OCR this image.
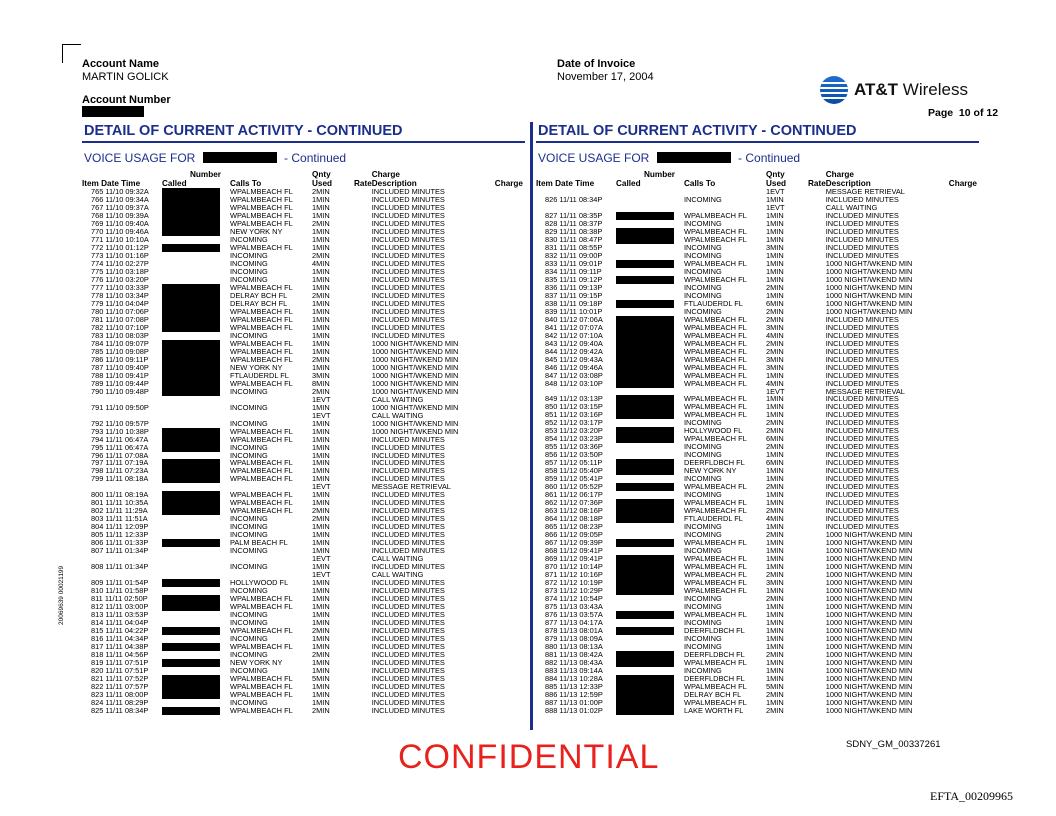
Account Name
MARTIN GOLICK
Account Number
Date of Invoice
November 17, 2004
AT&T Wireless
Page  10 of 12
DETAIL OF CURRENT ACTIVITY - CONTINUED
VOICE USAGE FOR	- Continued
DETAIL OF CURRENT ACTIVITY - CONTINUED
VOICE USAGE FOR	- Continued
	Number		Qnty		Charge	
Item Date Time	Called	Calls To	Used	Rate	Description	Charge
765 11/10 09:32A		WPALMBEACH FL	2MIN		INCLUDED MINUTES	
766 11/10 09:34A		WPALMBEACH FL	1MIN		INCLUDED MINUTES	
767 11/10 09:37A		WPALMBEACH FL	1MIN		INCLUDED MINUTES	
768 11/10 09:39A		WPALMBEACH FL	1MIN		INCLUDED MINUTES	
769 11/10 09:40A		WPALMBEACH FL	2MIN		INCLUDED MINUTES	
770 11/10 09:46A		NEW YORK NY	1MIN		INCLUDED MINUTES	
771 11/10 10:10A		INCOMING	1MIN		INCLUDED MINUTES	
772 11/10 01:12P		WPALMBEACH FL	1MIN		INCLUDED MINUTES	
773 11/10 01:16P		INCOMING	2MIN		INCLUDED MINUTES	
774 11/10 02:27P		INCOMING	4MIN		INCLUDED MINUTES	
775 11/10 03:18P		INCOMING	1MIN		INCLUDED MINUTES	
776 11/10 03:20P		INCOMING	1MIN		INCLUDED MINUTES	
777 11/10 03:33P		WPALMBEACH FL	1MIN		INCLUDED MINUTES	
778 11/10 03:34P		DELRAY BCH FL	2MIN		INCLUDED MINUTES	
779 11/10 04:04P		DELRAY BCH FL	1MIN		INCLUDED MINUTES	
780 11/10 07:06P		WPALMBEACH FL	1MIN		INCLUDED MINUTES	
781 11/10 07:08P		WPALMBEACH FL	1MIN		INCLUDED MINUTES	
782 11/10 07:10P		WPALMBEACH FL	1MIN		INCLUDED MINUTES	
783 11/10 08:03P		INCOMING	1MIN		INCLUDED MINUTES	
784 11/10 09:07P		WPALMBEACH FL	1MIN		1000 NIGHT/WKEND MIN	
785 11/10 09:08P		WPALMBEACH FL	1MIN		1000 NIGHT/WKEND MIN	
786 11/10 09:11P		WPALMBEACH FL	2MIN		1000 NIGHT/WKEND MIN	
787 11/10 09:40P		NEW YORK NY	1MIN		1000 NIGHT/WKEND MIN	
788 11/10 09:41P		FTLAUDERDL FL	3MIN		1000 NIGHT/WKEND MIN	
789 11/10 09:44P		WPALMBEACH FL	8MIN		1000 NIGHT/WKEND MIN	
790 11/10 09:48P		INCOMING	2MIN		1000 NIGHT/WKEND MIN	
			1EVT		CALL WAITING	
791 11/10 09:50P		INCOMING	1MIN		1000 NIGHT/WKEND MIN	
			1EVT		CALL WAITING	
792 11/10 09:57P		INCOMING	1MIN		1000 NIGHT/WKEND MIN	
793 11/10 10:38P		WPALMBEACH FL	1MIN		1000 NIGHT/WKEND MIN	
794 11/11 06:47A		WPALMBEACH FL	1MIN		INCLUDED MINUTES	
795 11/11 06:47A		INCOMING	1MIN		INCLUDED MINUTES	
796 11/11 07:08A		INCOMING	1MIN		INCLUDED MINUTES	
797 11/11 07:19A		WPALMBEACH FL	1MIN		INCLUDED MINUTES	
798 11/11 07:23A		WPALMBEACH FL	1MIN		INCLUDED MINUTES	
799 11/11 08:18A		WPALMBEACH FL	1MIN		INCLUDED MINUTES	
			1EVT		MESSAGE RETRIEVAL	
800 11/11 08:19A		WPALMBEACH FL	1MIN		INCLUDED MINUTES	
801 11/11 10:35A		WPALMBEACH FL	1MIN		INCLUDED MINUTES	
802 11/11 11:29A		WPALMBEACH FL	2MIN		INCLUDED MINUTES	
803 11/11 11:51A		INCOMING	2MIN		INCLUDED MINUTES	
804 11/11 12:09P		INCOMING	1MIN		INCLUDED MINUTES	
805 11/11 12:33P		INCOMING	1MIN		INCLUDED MINUTES	
806 11/11 01:33P		PALM BEACH FL	1MIN		INCLUDED MINUTES	
807 11/11 01:34P		INCOMING	1MIN		INCLUDED MINUTES	
			1EVT		CALL WAITING	
808 11/11 01:34P		INCOMING	1MIN		INCLUDED MINUTES	
			1EVT		CALL WAITING	
809 11/11 01:54P		HOLLYWOOD FL	1MIN		INCLUDED MINUTES	
810 11/11 01:58P		INCOMING	1MIN		INCLUDED MINUTES	
811 11/11 02:50P		WPALMBEACH FL	1MIN		INCLUDED MINUTES	
812 11/11 03:00P		WPALMBEACH FL	1MIN		INCLUDED MINUTES	
813 11/11 03:53P		INCOMING	1MIN		INCLUDED MINUTES	
814 11/11 04:04P		INCOMING	1MIN		INCLUDED MINUTES	
815 11/11 04:22P		WPALMBEACH FL	2MIN		INCLUDED MINUTES	
816 11/11 04:34P		INCOMING	1MIN		INCLUDED MINUTES	
817 11/11 04:38P		WPALMBEACH FL	1MIN		INCLUDED MINUTES	
818 11/11 04:56P		INCOMING	2MIN		INCLUDED MINUTES	
819 11/11 07:51P		NEW YORK NY	1MIN		INCLUDED MINUTES	
820 11/11 07:51P		INCOMING	1MIN		INCLUDED MINUTES	
821 11/11 07:52P		WPALMBEACH FL	5MIN		INCLUDED MINUTES	
822 11/11 07:57P		WPALMBEACH FL	1MIN		INCLUDED MINUTES	
823 11/11 08:00P		WPALMBEACH FL	1MIN		INCLUDED MINUTES	
824 11/11 08:29P		INCOMING	1MIN		INCLUDED MINUTES	
825 11/11 08:34P		WPALMBEACH FL	2MIN		INCLUDED MINUTES	
	Number		Qnty		Charge	
Item Date Time	Called	Calls To	Used	Rate	Description	Charge
			1EVT		MESSAGE RETRIEVAL	
826 11/11 08:34P		INCOMING	1MIN		INCLUDED MINUTES	
			1EVT		CALL WAITING	
827 11/11 08:35P		WPALMBEACH FL	1MIN		INCLUDED MINUTES	
828 11/11 08:37P		INCOMING	1MIN		INCLUDED MINUTES	
829 11/11 08:38P		WPALMBEACH FL	1MIN		INCLUDED MINUTES	
830 11/11 08:47P		WPALMBEACH FL	1MIN		INCLUDED MINUTES	
831 11/11 08:55P		INCOMING	3MIN		INCLUDED MINUTES	
832 11/11 09:00P		INCOMING	1MIN		INCLUDED MINUTES	
833 11/11 09:01P		WPALMBEACH FL	1MIN		1000 NIGHT/WKEND MIN	
834 11/11 09:11P		INCOMING	1MIN		1000 NIGHT/WKEND MIN	
835 11/11 09:12P		WPALMBEACH FL	1MIN		1000 NIGHT/WKEND MIN	
836 11/11 09:13P		INCOMING	2MIN		1000 NIGHT/WKEND MIN	
837 11/11 09:15P		INCOMING	1MIN		1000 NIGHT/WKEND MIN	
838 11/11 09:18P		FTLAUDERDL FL	6MIN		1000 NIGHT/WKEND MIN	
839 11/11 10:01P		INCOMING	2MIN		1000 NIGHT/WKEND MIN	
840 11/12 07:06A		WPALMBEACH FL	2MIN		INCLUDED MINUTES	
841 11/12 07:07A		WPALMBEACH FL	3MIN		INCLUDED MINUTES	
842 11/12 07:10A		WPALMBEACH FL	4MIN		INCLUDED MINUTES	
843 11/12 09:40A		WPALMBEACH FL	2MIN		INCLUDED MINUTES	
844 11/12 09:42A		WPALMBEACH FL	2MIN		INCLUDED MINUTES	
845 11/12 09:43A		WPALMBEACH FL	3MIN		INCLUDED MINUTES	
846 11/12 09:46A		WPALMBEACH FL	3MIN		INCLUDED MINUTES	
847 11/12 03:08P		WPALMBEACH FL	1MIN		INCLUDED MINUTES	
848 11/12 03:10P		WPALMBEACH FL	4MIN		INCLUDED MINUTES	
			1EVT		MESSAGE RETRIEVAL	
849 11/12 03:13P		WPALMBEACH FL	1MIN		INCLUDED MINUTES	
850 11/12 03:15P		WPALMBEACH FL	1MIN		INCLUDED MINUTES	
851 11/12 03:16P		WPALMBEACH FL	1MIN		INCLUDED MINUTES	
852 11/12 03:17P		INCOMING	2MIN		INCLUDED MINUTES	
853 11/12 03:20P		HOLLYWOOD FL	2MIN		INCLUDED MINUTES	
854 11/12 03:23P		WPALMBEACH FL	6MIN		INCLUDED MINUTES	
855 11/12 03:36P		INCOMING	2MIN		INCLUDED MINUTES	
856 11/12 03:50P		INCOMING	1MIN		INCLUDED MINUTES	
857 11/12 05:11P		DEERFLDBCH FL	6MIN		INCLUDED MINUTES	
858 11/12 05:40P		NEW YORK NY	1MIN		INCLUDED MINUTES	
859 11/12 05:41P		INCOMING	1MIN		INCLUDED MINUTES	
860 11/12 05:52P		WPALMBEACH FL	2MIN		INCLUDED MINUTES	
861 11/12 06:17P		INCOMING	1MIN		INCLUDED MINUTES	
862 11/12 07:36P		WPALMBEACH FL	1MIN		INCLUDED MINUTES	
863 11/12 08:16P		WPALMBEACH FL	2MIN		INCLUDED MINUTES	
864 11/12 08:18P		FTLAUDERDL FL	4MIN		INCLUDED MINUTES	
865 11/12 08:23P		INCOMING	1MIN		INCLUDED MINUTES	
866 11/12 09:05P		INCOMING	2MIN		1000 NIGHT/WKEND MIN	
867 11/12 09:39P		WPALMBEACH FL	1MIN		1000 NIGHT/WKEND MIN	
868 11/12 09:41P		INCOMING	1MIN		1000 NIGHT/WKEND MIN	
869 11/12 09:41P		WPALMBEACH FL	1MIN		1000 NIGHT/WKEND MIN	
870 11/12 10:14P		WPALMBEACH FL	1MIN		1000 NIGHT/WKEND MIN	
871 11/12 10:16P		WPALMBEACH FL	2MIN		1000 NIGHT/WKEND MIN	
872 11/12 10:19P		WPALMBEACH FL	3MIN		1000 NIGHT/WKEND MIN	
873 11/12 10:29P		WPALMBEACH FL	1MIN		1000 NIGHT/WKEND MIN	
874 11/12 10:54P		INCOMING	2MIN		1000 NIGHT/WKEND MIN	
875 11/13 03:43A		INCOMING	1MIN		1000 NIGHT/WKEND MIN	
876 11/13 03:57A		WPALMBEACH FL	1MIN		1000 NIGHT/WKEND MIN	
877 11/13 04:17A		INCOMING	1MIN		1000 NIGHT/WKEND MIN	
878 11/13 08:01A		DEERFLDBCH FL	1MIN		1000 NIGHT/WKEND MIN	
879 11/13 08:09A		INCOMING	1MIN		1000 NIGHT/WKEND MIN	
880 11/13 08:13A		INCOMING	1MIN		1000 NIGHT/WKEND MIN	
881 11/13 08:42A		DEERFLDBCH FL	2MIN		1000 NIGHT/WKEND MIN	
882 11/13 08:43A		WPALMBEACH FL	1MIN		1000 NIGHT/WKEND MIN	
883 11/13 09:14A		INCOMING	1MIN		1000 NIGHT/WKEND MIN	
884 11/13 10:28A		DEERFLDBCH FL	1MIN		1000 NIGHT/WKEND MIN	
885 11/13 12:33P		WPALMBEACH FL	5MIN		1000 NIGHT/WKEND MIN	
886 11/13 12:59P		DELRAY BCH FL	2MIN		1000 NIGHT/WKEND MIN	
887 11/13 01:00P		WPALMBEACH FL	1MIN		1000 NIGHT/WKEND MIN	
888 11/13 01:02P		LAKE WORTH FL	2MIN		1000 NIGHT/WKEND MIN	
20069639 00021199
CONFIDENTIAL	SDNY_GM_00337261
EFTA_00209965
